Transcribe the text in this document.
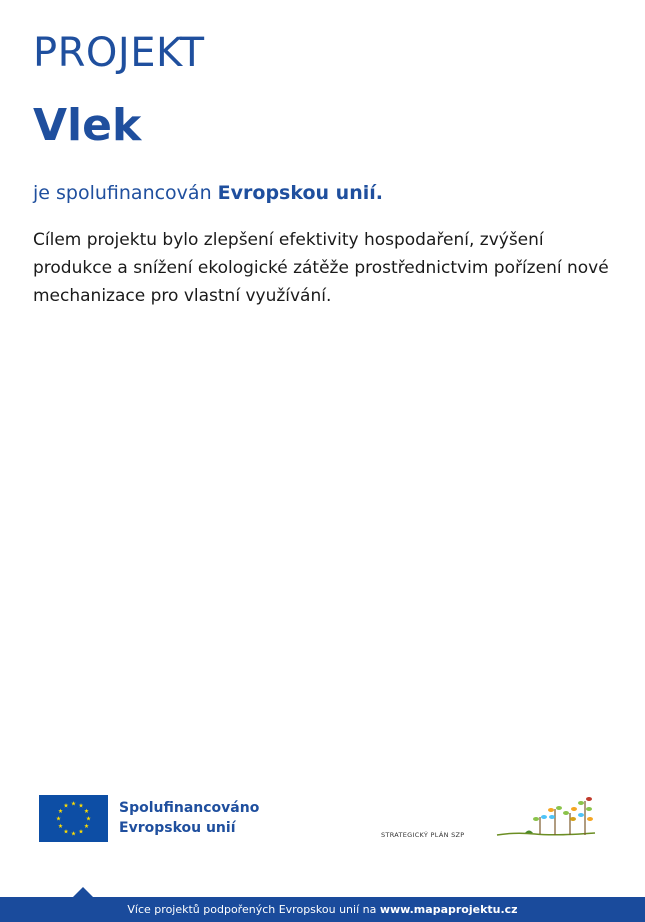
PROJEKT
Vlek
je spolufinancován Evropskou unií.
Cílem projektu bylo zlepšení efektivity hospodaření, zvýšení produkce a snížení ekologické zátěže prostřednictvim pořízení nové mechanizace pro vlastní využívání.
Spolufinancováno
Evropskou unií	STRATEGICKÝ PLÁN SZP
Více projektů podpořených Evropskou unií na www.mapaprojektu.cz
